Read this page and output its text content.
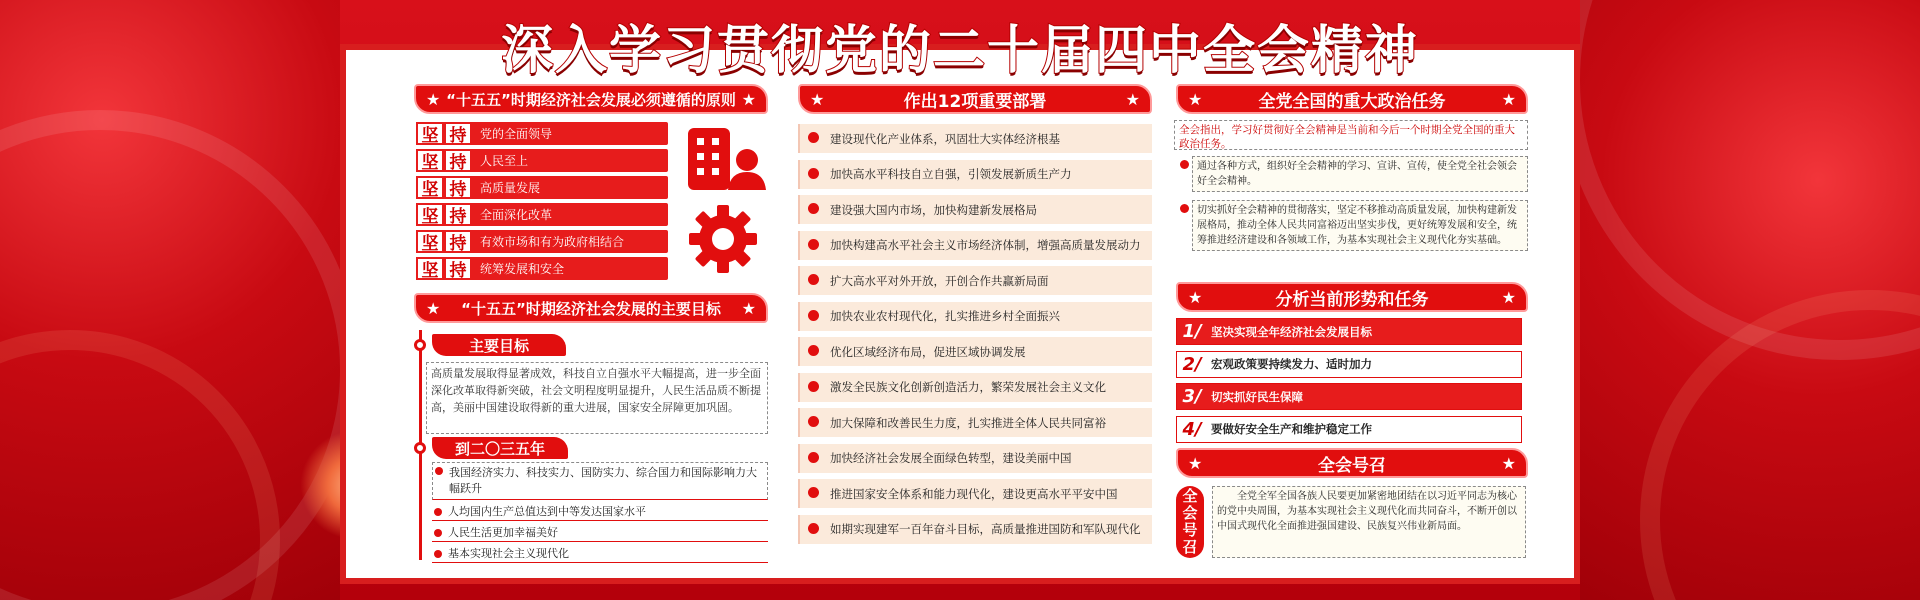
深入学习贯彻党的二十届四中全会精神
★ “十五五”时期经济社会发展必须遵循的原则 ★
坚 持	党的全面领导
坚 持	人民至上
坚 持	高质量发展
坚 持	全面深化改革
坚 持	有效市场和有为政府相结合
坚 持	统筹发展和安全
★ “十五五”时期经济社会发展的主要目标 ★
主要目标
高质量发展取得显著成效，科技自立自强水平大幅提高，进一步全面深化改革取得新突破，社会文明程度明显提升，人民生活品质不断提高，美丽中国建设取得新的重大进展，国家安全屏障更加巩固。
到二〇三五年
我国经济实力、科技实力、国防实力、综合国力和国际影响力大幅跃升
人均国内生产总值达到中等发达国家水平
人民生活更加幸福美好
基本实现社会主义现代化
★	作出12项重要部署	★
建设现代化产业体系，巩固壮大实体经济根基
加快高水平科技自立自强，引领发展新质生产力
建设强大国内市场，加快构建新发展格局
加快构建高水平社会主义市场经济体制，增强高质量发展动力
扩大高水平对外开放，开创合作共赢新局面
加快农业农村现代化，扎实推进乡村全面振兴
优化区域经济布局，促进区域协调发展
激发全民族文化创新创造活力，繁荣发展社会主义文化
加大保障和改善民生力度，扎实推进全体人民共同富裕
加快经济社会发展全面绿色转型，建设美丽中国
推进国家安全体系和能力现代化，建设更高水平平安中国
如期实现建军一百年奋斗目标，高质量推进国防和军队现代化
★	全党全国的重大政治任务	★
全会指出，学习好贯彻好全会精神是当前和今后一个时期全党全国的重大政治任务。
通过各种方式，组织好全会精神的学习、宣讲、宣传，使全党全社会领会好全会精神。
切实抓好全会精神的贯彻落实，坚定不移推动高质量发展，加快构建新发展格局，推动全体人民共同富裕迈出坚实步伐，更好统筹发展和安全，统筹推进经济建设和各领域工作，为基本实现社会主义现代化夯实基础。
★	分析当前形势和任务	★
1/ 坚决实现全年经济社会发展目标
2/ 宏观政策要持续发力、适时加力
3/ 切实抓好民生保障
4/ 要做好安全生产和维护稳定工作
★	全会号召	★
全会号召	全党全军全国各族人民要更加紧密地团结在以习近平同志为核心的党中央周围，为基本实现社会主义现代化而共同奋斗，不断开创以中国式现代化全面推进强国建设、民族复兴伟业新局面。
